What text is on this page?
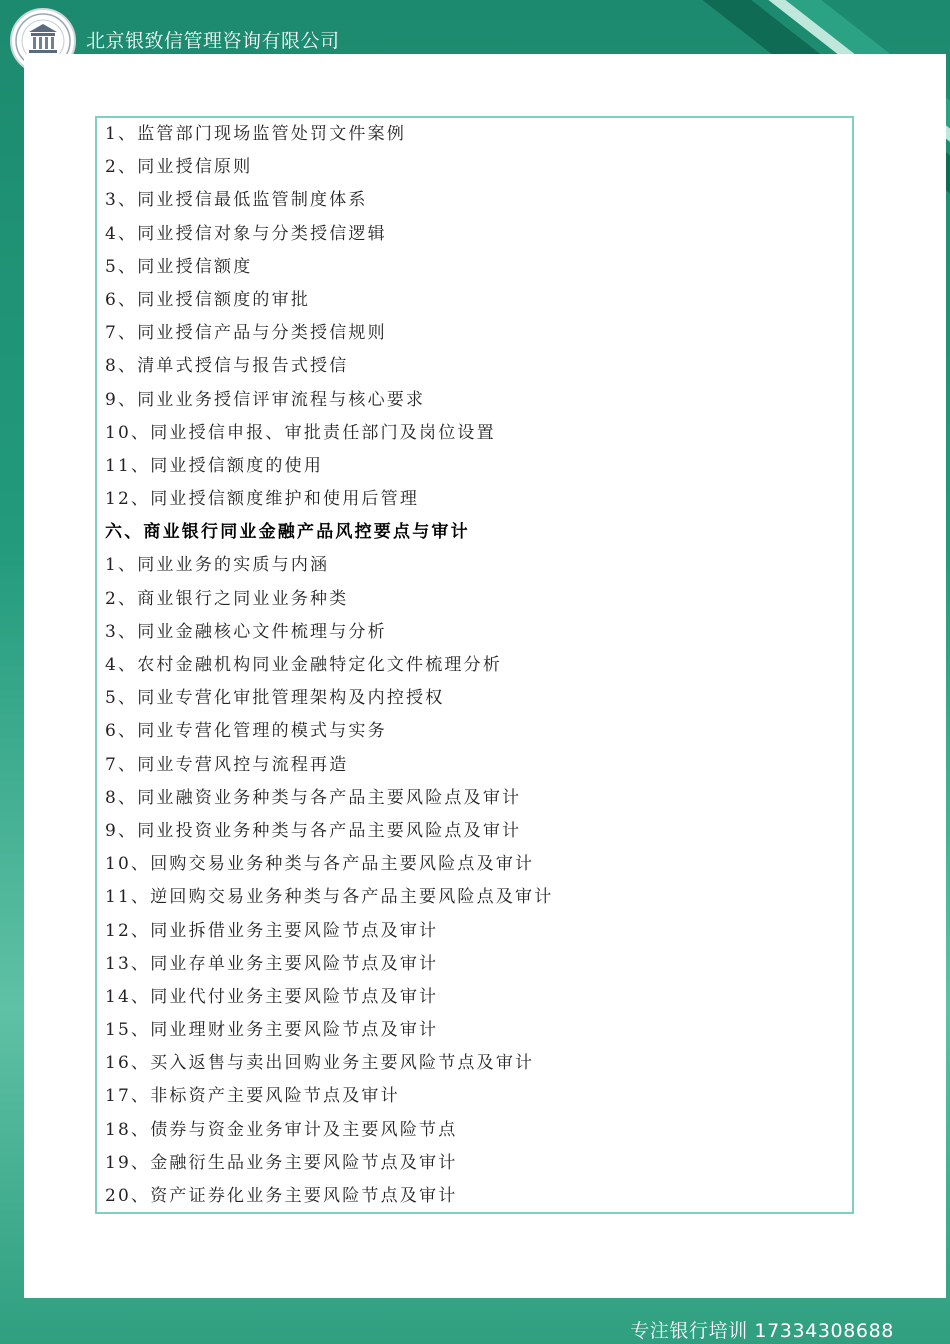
北京银致信管理咨询有限公司
1、监管部门现场监管处罚文件案例
2、同业授信原则
3、同业授信最低监管制度体系
4、同业授信对象与分类授信逻辑
5、同业授信额度
6、同业授信额度的审批
7、同业授信产品与分类授信规则
8、清单式授信与报告式授信
9、同业业务授信评审流程与核心要求
10、同业授信申报、审批责任部门及岗位设置
11、同业授信额度的使用
12、同业授信额度维护和使用后管理
六、商业银行同业金融产品风控要点与审计
1、同业业务的实质与内涵
2、商业银行之同业业务种类
3、同业金融核心文件梳理与分析
4、农村金融机构同业金融特定化文件梳理分析
5、同业专营化审批管理架构及内控授权
6、同业专营化管理的模式与实务
7、同业专营风控与流程再造
8、同业融资业务种类与各产品主要风险点及审计
9、同业投资业务种类与各产品主要风险点及审计
10、回购交易业务种类与各产品主要风险点及审计
11、逆回购交易业务种类与各产品主要风险点及审计
12、同业拆借业务主要风险节点及审计
13、同业存单业务主要风险节点及审计
14、同业代付业务主要风险节点及审计
15、同业理财业务主要风险节点及审计
16、买入返售与卖出回购业务主要风险节点及审计
17、非标资产主要风险节点及审计
18、债券与资金业务审计及主要风险节点
19、金融衍生品业务主要风险节点及审计
20、资产证券化业务主要风险节点及审计
专注银行培训 17334308688
